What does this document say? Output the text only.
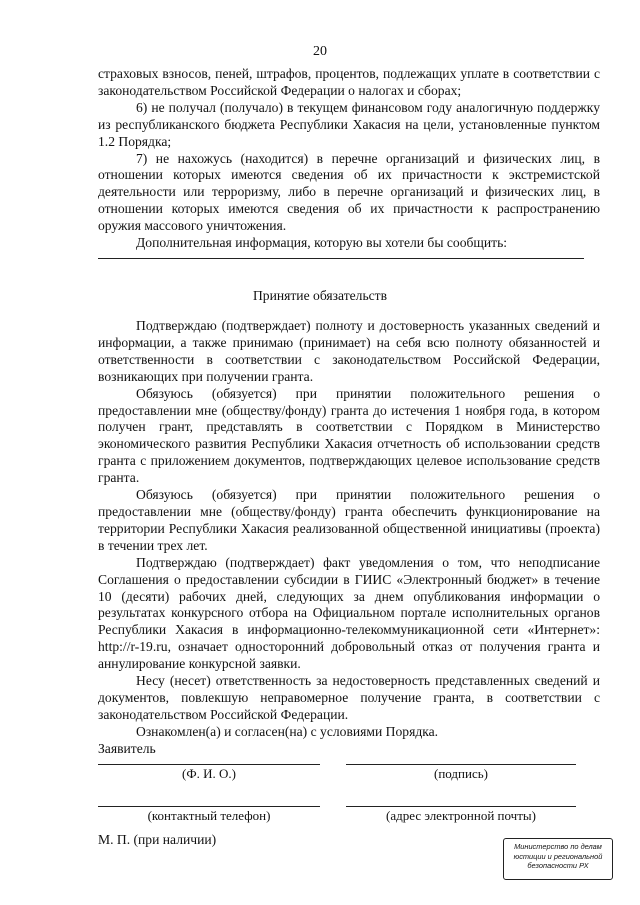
20

страховых взносов, пеней, штрафов, процентов, подлежащих уплате в соответствии с законодательством Российской Федерации о налогах и сборах;

6) не получал (получало) в текущем финансовом году аналогичную поддержку из республиканского бюджета Республики Хакасия на цели, установленные пунктом 1.2 Порядка;

7) не нахожусь (находится) в перечне организаций и физических лиц, в отношении которых имеются сведения об их причастности к экстремистской деятельности или терроризму, либо в перечне организаций и физических лиц, в отношении которых имеются сведения об их причастности к распространению оружия массового уничтожения.

Дополнительная информация, которую вы хотели бы сообщить:

Принятие обязательств

Подтверждаю (подтверждает) полноту и достоверность указанных сведений и информации, а также принимаю (принимает) на себя всю полноту обязанностей и ответственности в соответствии с законодательством Российской Федерации, возникающих при получении гранта.

Обязуюсь (обязуется) при принятии положительного решения о предоставлении мне (обществу/фонду) гранта до истечения 1 ноября года, в котором получен грант, представлять в соответствии с Порядком в Министерство экономического развития Республики Хакасия отчетность об использовании средств гранта с приложением документов, подтверждающих целевое использование средств гранта.

Обязуюсь (обязуется) при принятии положительного решения о предоставлении мне (обществу/фонду) гранта обеспечить функционирование на территории Республики Хакасия реализованной общественной инициативы (проекта) в течении трех лет.

Подтверждаю (подтверждает) факт уведомления о том, что неподписание Соглашения о предоставлении субсидии в ГИИС «Электронный бюджет» в течение 10 (десяти) рабочих дней, следующих за днем опубликования информации о результатах конкурсного отбора на Официальном портале исполнительных органов Республики Хакасия в информационно-телекоммуникационной сети «Интернет»: http://r-19.ru, означает односторонний добровольный отказ от получения гранта и аннулирование конкурсной заявки.

Несу (несет) ответственность за недостоверность представленных сведений и документов, повлекшую неправомерное получение гранта, в соответствии с законодательством Российской Федерации.

Ознакомлен(а) и согласен(на) с условиями Порядка.

Заявитель
(Ф. И. О.)	(подпись)
(контактный телефон)	(адрес электронной почты)
М. П. (при наличии)	Министерство по делам
юстиции и региональной
безопасности РХ
